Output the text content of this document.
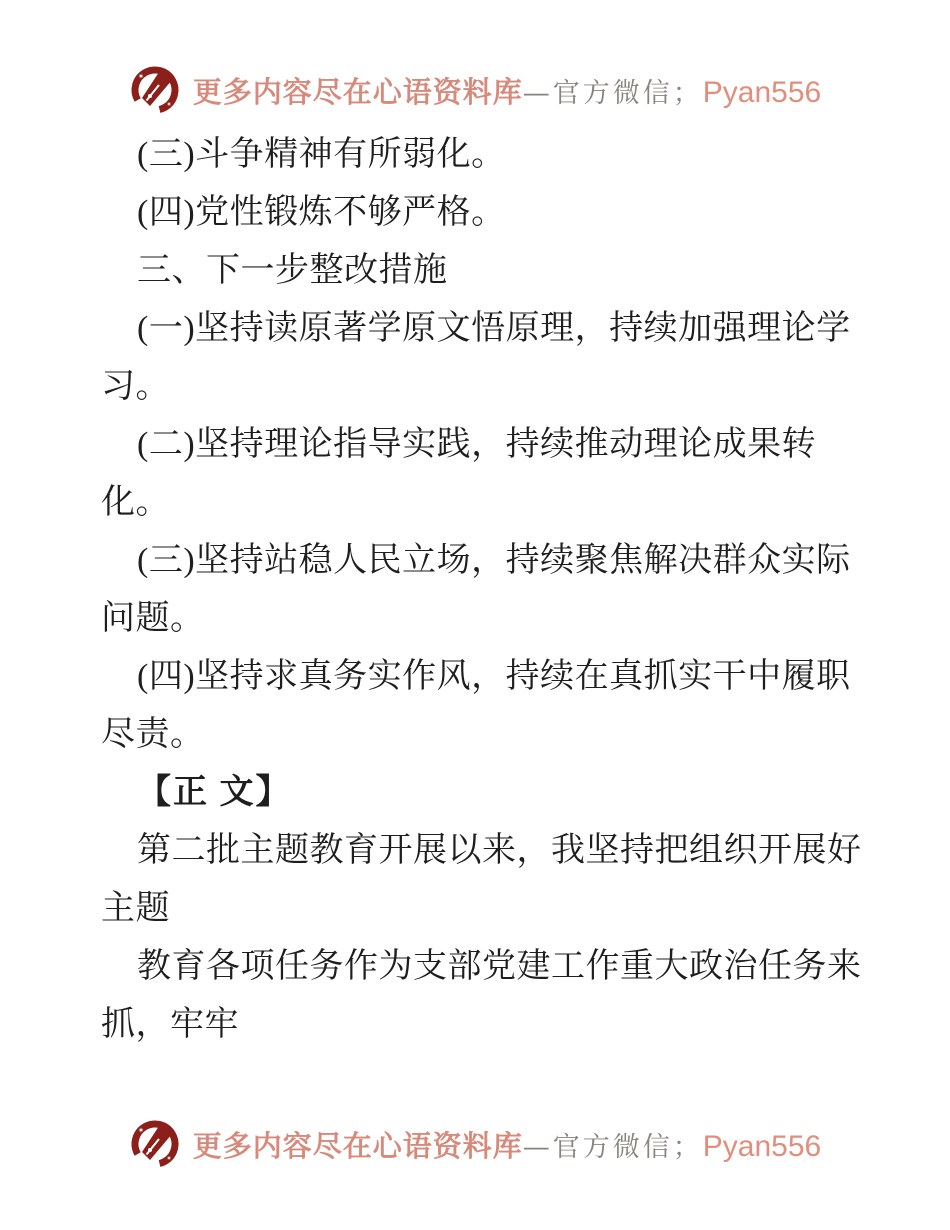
更多内容尽在心语资料库 —官方微信； Pyan556
(三)斗争精神有所弱化。
(四)党性锻炼不够严格。
三、下一步整改措施
(一)坚持读原著学原文悟原理，持续加强理论学
习。
(二)坚持理论指导实践，持续推动理论成果转
化。
(三)坚持站稳人民立场，持续聚焦解决群众实际
问题。
(四)坚持求真务实作风，持续在真抓实干中履职
尽责。
【正 文】
第二批主题教育开展以来，我坚持把组织开展好
主题
教育各项任务作为支部党建工作重大政治任务来
抓，牢牢
更多内容尽在心语资料库 —官方微信； Pyan556
